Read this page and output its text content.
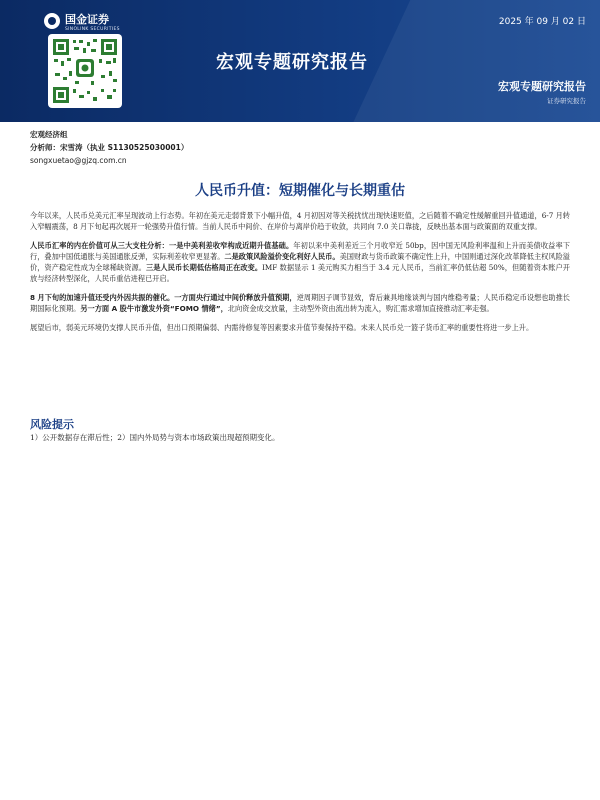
国金证券
SINOLINK SECURITIES
2025 年 09 月 02 日
宏观专题研究报告
宏观专题研究报告
证券研究报告
宏观经济组
分析师：宋雪涛（执业 S1130525030001）
songxuetao@gjzq.com.cn
人民币升值：短期催化与长期重估

今年以来，人民币兑美元汇率呈现波动上行态势。年初在美元走弱背景下小幅升值，4 月初因对等关税扰忧出现快速贬值，之后随着不确定性缓解重回升值通道，6-7 月转入窄幅震荡，8 月下旬起再次展开一轮强势升值行情。当前人民币中间价、在岸价与离岸价趋于收敛，共同向 7.0 关口靠拢，反映出基本面与政策面的双重支撑。

人民币汇率的内在价值可从三大支柱分析：一是中美利差收窄构成近期升值基础。年初以来中美利差近三个月收窄近 50bp，因中国无风险利率温和上升而美债收益率下行，叠加中国低通胀与美国通胀反弹，实际利差收窄更显著。二是政策风险溢价变化利好人民币。美国财政与货币政策不确定性上升，中国则通过深化改革降低主权风险溢价，资产稳定性成为全球稀缺资源。三是人民币长期低估格局正在改变。IMF 数据显示 1 美元购买力相当于 3.4 元人民币，当前汇率仍低估超 50%，但随着资本账户开放与经济转型深化，人民币重估进程已开启。

8 月下旬的加速升值还受内外因共振的催化。一方面央行通过中间价释放升值预期，逆周期因子调节显效，背后兼具地缘谈判与国内维稳考量；人民币稳定币设想也助推长期国际化预期。另一方面 A 股牛市激发外资“FOMO 情绪”，北向资金成交放量，主动型外资由流出转为流入，购汇需求增加直接推动汇率走强。

展望后市，弱美元环境仍支撑人民币升值，但出口预期偏弱、内需待修复等因素要求升值节奏保持平稳。未来人民币兑一篮子货币汇率的重要性将进一步上升。

风险提示
1）公开数据存在滞后性；2）国内外局势与资本市场政策出现超预期变化。
